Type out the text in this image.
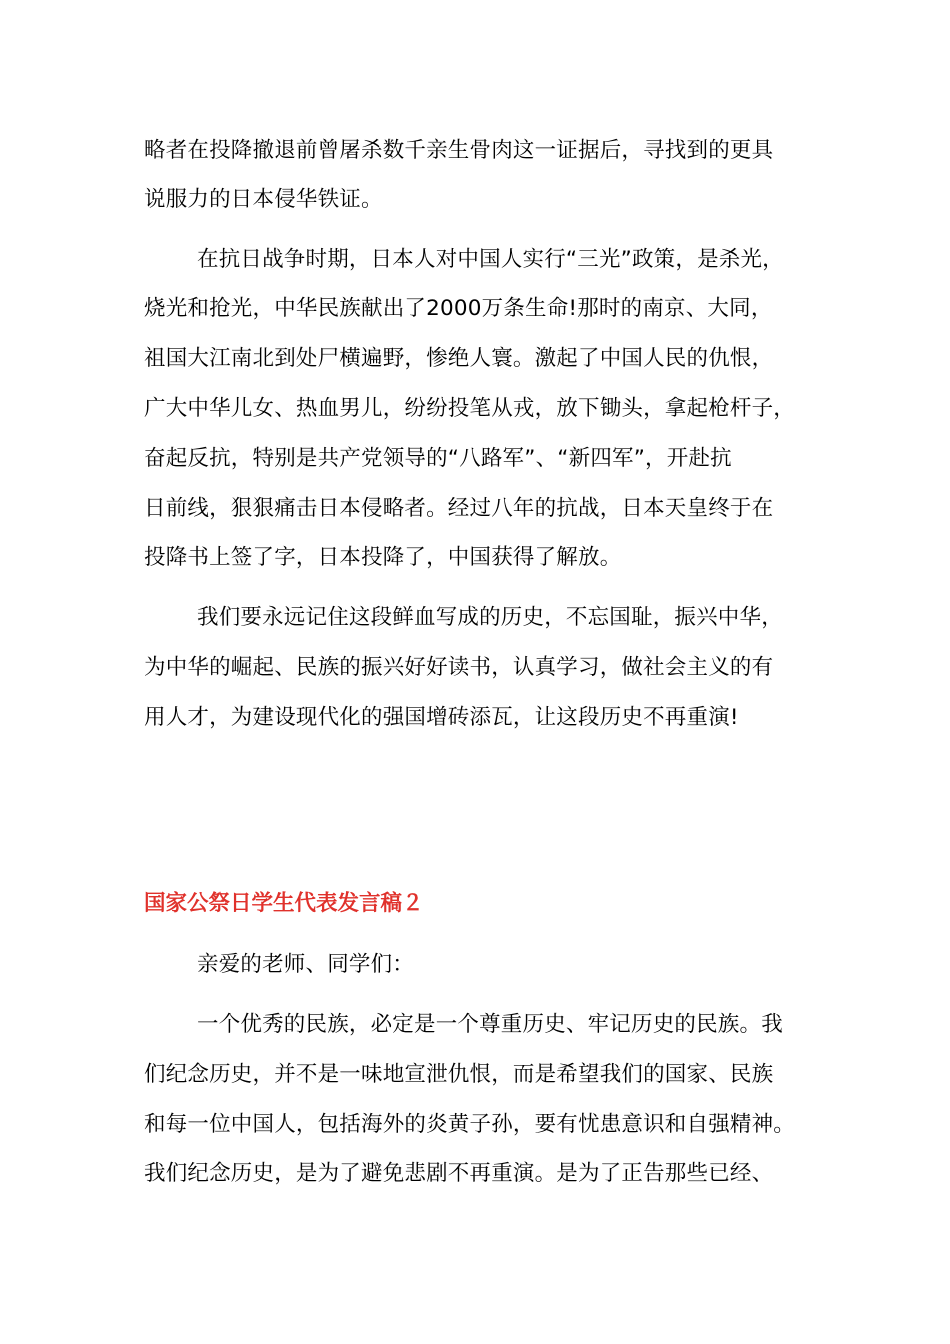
略者在投降撤退前曾屠杀数千亲生骨肉这一证据后，寻找到的更具
说服力的日本侵华铁证。
在抗日战争时期，日本人对中国人实行“三光”政策，是杀光，
烧光和抢光，中华民族献出了2000万条生命!那时的南京、大同，
祖国大江南北到处尸横遍野，惨绝人寰。激起了中国人民的仇恨，
广大中华儿女、热血男儿，纷纷投笔从戎，放下锄头，拿起枪杆子，
奋起反抗，特别是共产党领导的“八路军”、“新四军”，开赴抗
日前线，狠狠痛击日本侵略者。经过八年的抗战，日本天皇终于在
投降书上签了字，日本投降了，中国获得了解放。
我们要永远记住这段鲜血写成的历史，不忘国耻，振兴中华，
为中华的崛起、民族的振兴好好读书，认真学习，做社会主义的有
用人才，为建设现代化的强国增砖添瓦，让这段历史不再重演!
国家公祭日学生代表发言稿２
亲爱的老师、同学们：
一个优秀的民族，必定是一个尊重历史、牢记历史的民族。我
们纪念历史，并不是一味地宣泄仇恨，而是希望我们的国家、民族
和每一位中国人，包括海外的炎黄子孙，要有忧患意识和自强精神。
我们纪念历史，是为了避免悲剧不再重演。是为了正告那些已经、
